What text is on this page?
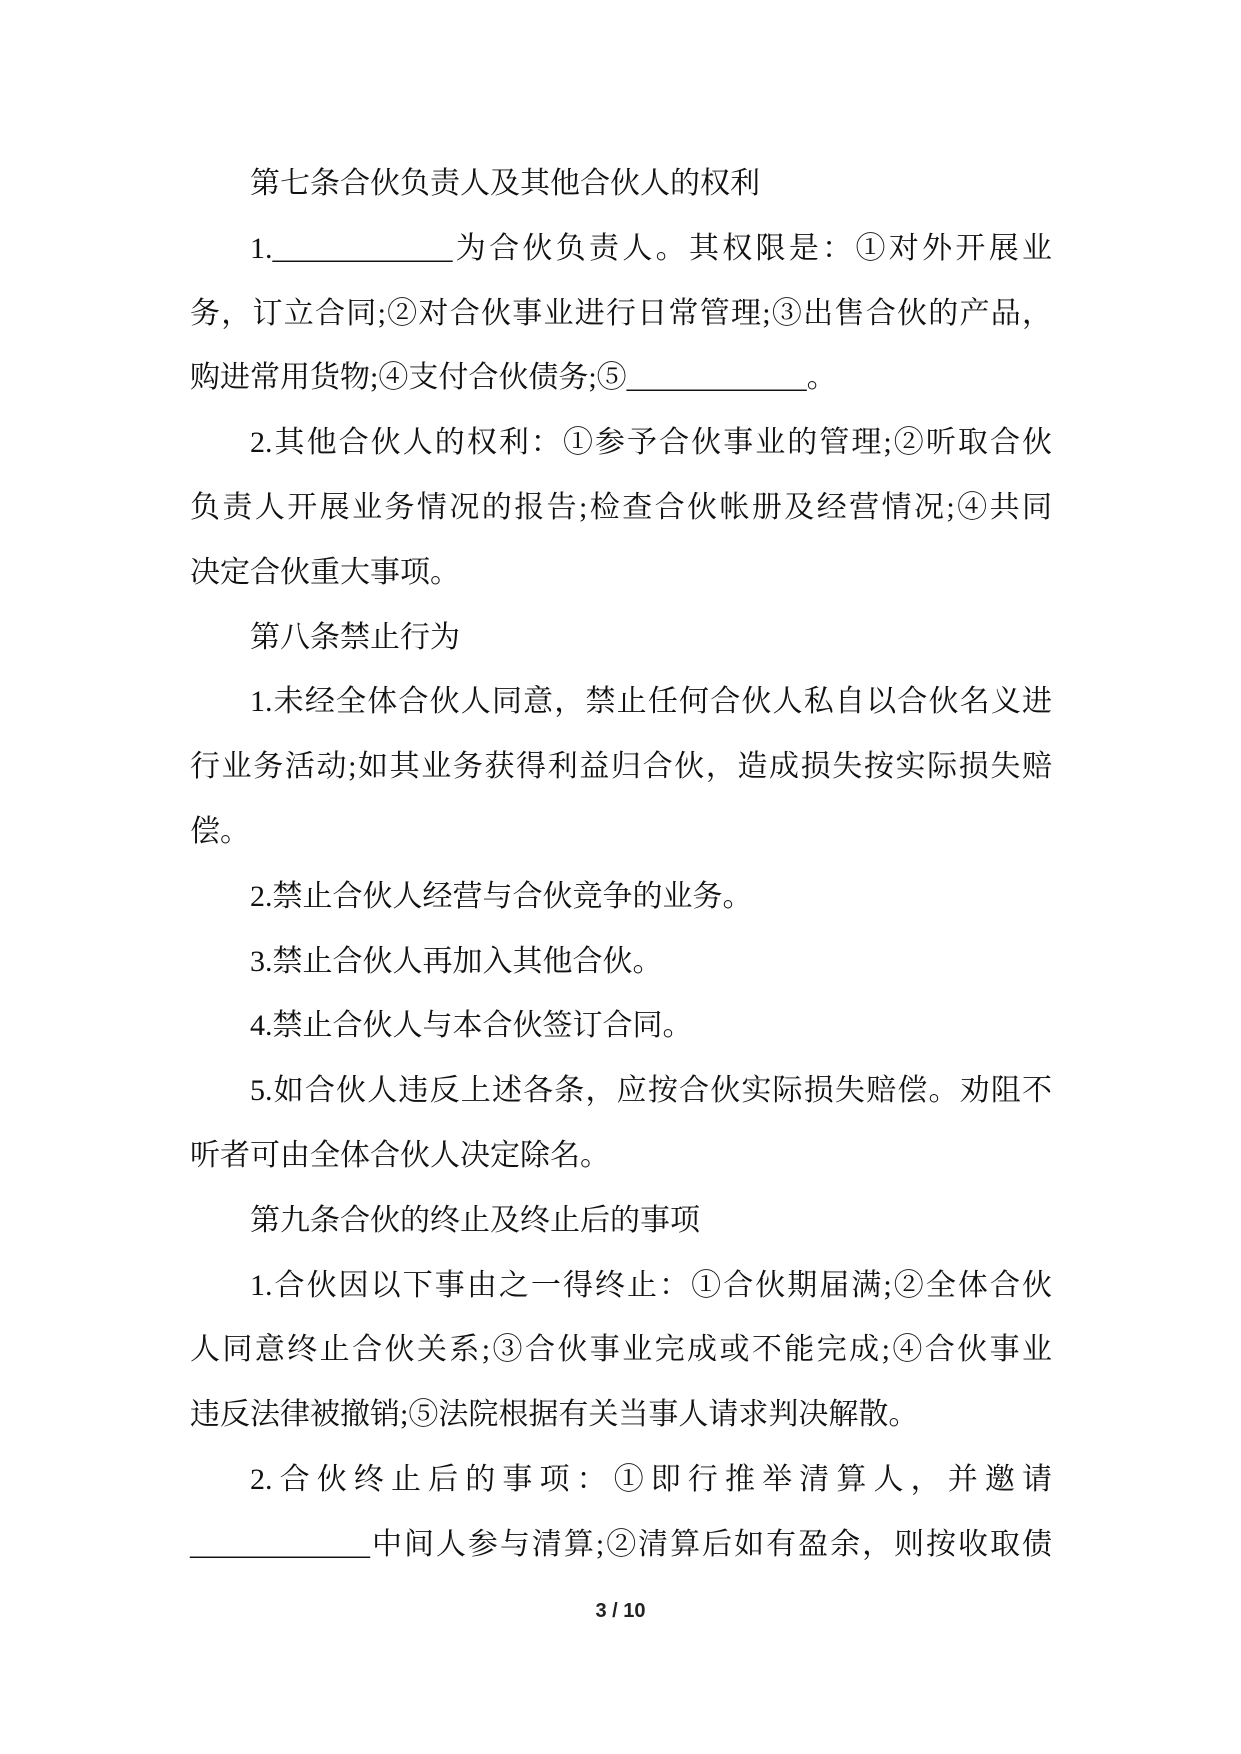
第七条合伙负责人及其他合伙人的权利
1.____________为合伙负责人。其权限是：①对外开展业
务，订立合同;②对合伙事业进行日常管理;③出售合伙的产品，
购进常用货物;④支付合伙债务;⑤____________。
2.其他合伙人的权利：①参予合伙事业的管理;②听取合伙
负责人开展业务情况的报告;检查合伙帐册及经营情况;④共同
决定合伙重大事项。
第八条禁止行为
1.未经全体合伙人同意，禁止任何合伙人私自以合伙名义进
行业务活动;如其业务获得利益归合伙，造成损失按实际损失赔
偿。
2.禁止合伙人经营与合伙竞争的业务。
3.禁止合伙人再加入其他合伙。
4.禁止合伙人与本合伙签订合同。
5.如合伙人违反上述各条，应按合伙实际损失赔偿。劝阻不
听者可由全体合伙人决定除名。
第九条合伙的终止及终止后的事项
1.合伙因以下事由之一得终止：①合伙期届满;②全体合伙
人同意终止合伙关系;③合伙事业完成或不能完成;④合伙事业
违反法律被撤销;⑤法院根据有关当事人请求判决解散。
2.合伙终止后的事项：①即行推举清算人，并邀请
____________中间人参与清算;②清算后如有盈余，则按收取债
3 / 10
